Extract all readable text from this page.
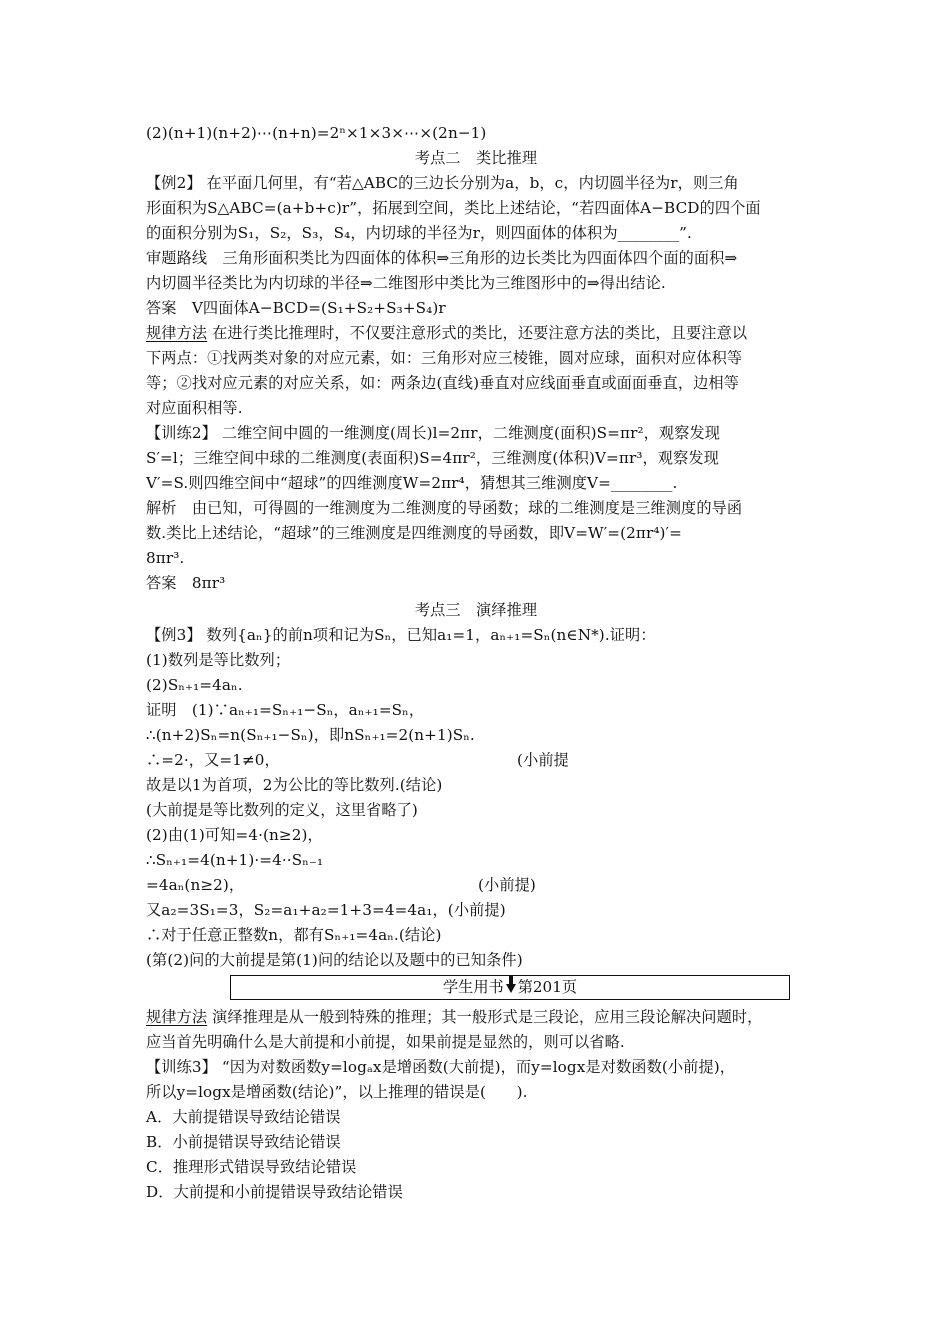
(2)(n+1)(n+2)⋯(n+n)=2ⁿ×1×3×⋯×(2n−1)
考点二　类比推理
【例2】 在平面几何里，有“若△ABC的三边长分别为a，b，c，内切圆半径为r，则三角
形面积为S△ABC=(a+b+c)r”，拓展到空间，类比上述结论，“若四面体A−BCD的四个面
的面积分别为S₁，S₂，S₃，S₄，内切球的半径为r，则四面体的体积为________”.
审题路线　三角形面积类比为四面体的体积⇒三角形的边长类比为四面体四个面的面积⇒
内切圆半径类比为内切球的半径⇒二维图形中类比为三维图形中的⇒得出结论.
答案　V四面体A−BCD=(S₁+S₂+S₃+S₄)r
规律方法 在进行类比推理时，不仅要注意形式的类比，还要注意方法的类比，且要注意以
下两点：①找两类对象的对应元素，如：三角形对应三棱锥，圆对应球，面积对应体积等
等；②找对应元素的对应关系，如：两条边(直线)垂直对应线面垂直或面面垂直，边相等
对应面积相等.
【训练2】 二维空间中圆的一维测度(周长)l=2πr，二维测度(面积)S=πr²，观察发现
S′=l；三维空间中球的二维测度(表面积)S=4πr²，三维测度(体积)V=πr³，观察发现
V′=S.则四维空间中“超球”的四维测度W=2πr⁴，猜想其三维测度V=________.
解析　由已知，可得圆的一维测度为二维测度的导函数；球的二维测度是三维测度的导函
数.类比上述结论，“超球”的三维测度是四维测度的导函数，即V=W′=(2πr⁴)′=
8πr³.
答案　8πr³
考点三　演绎推理
【例3】 数列{aₙ}的前n项和记为Sₙ，已知a₁=1，aₙ₊₁=Sₙ(n∈N*).证明：
(1)数列是等比数列；
(2)Sₙ₊₁=4aₙ.
证明　(1)∵aₙ₊₁=Sₙ₊₁−Sₙ，aₙ₊₁=Sₙ，
∴(n+2)Sₙ=n(Sₙ₊₁−Sₙ)，即nSₙ₊₁=2(n+1)Sₙ.
∴=2·，又=1≠0，	(小前提
故是以1为首项，2为公比的等比数列.(结论)
(大前提是等比数列的定义，这里省略了)
(2)由(1)可知=4·(n≥2)，
∴Sₙ₊₁=4(n+1)·=4··Sₙ₋₁
=4aₙ(n≥2)，	(小前提)
又a₂=3S₁=3，S₂=a₁+a₂=1+3=4=4a₁，(小前提)
∴对于任意正整数n，都有Sₙ₊₁=4aₙ.(结论)
(第(2)问的大前提是第(1)问的结论以及题中的已知条件)
学生用书 第201页
规律方法 演绎推理是从一般到特殊的推理；其一般形式是三段论，应用三段论解决问题时，
应当首先明确什么是大前提和小前提，如果前提是显然的，则可以省略.
【训练3】 “因为对数函数y=logₐx是增函数(大前提)，而y=logx是对数函数(小前提)，
所以y=logx是增函数(结论)”，以上推理的错误是(　　).
A．大前提错误导致结论错误
B．小前提错误导致结论错误
C．推理形式错误导致结论错误
D．大前提和小前提错误导致结论错误
